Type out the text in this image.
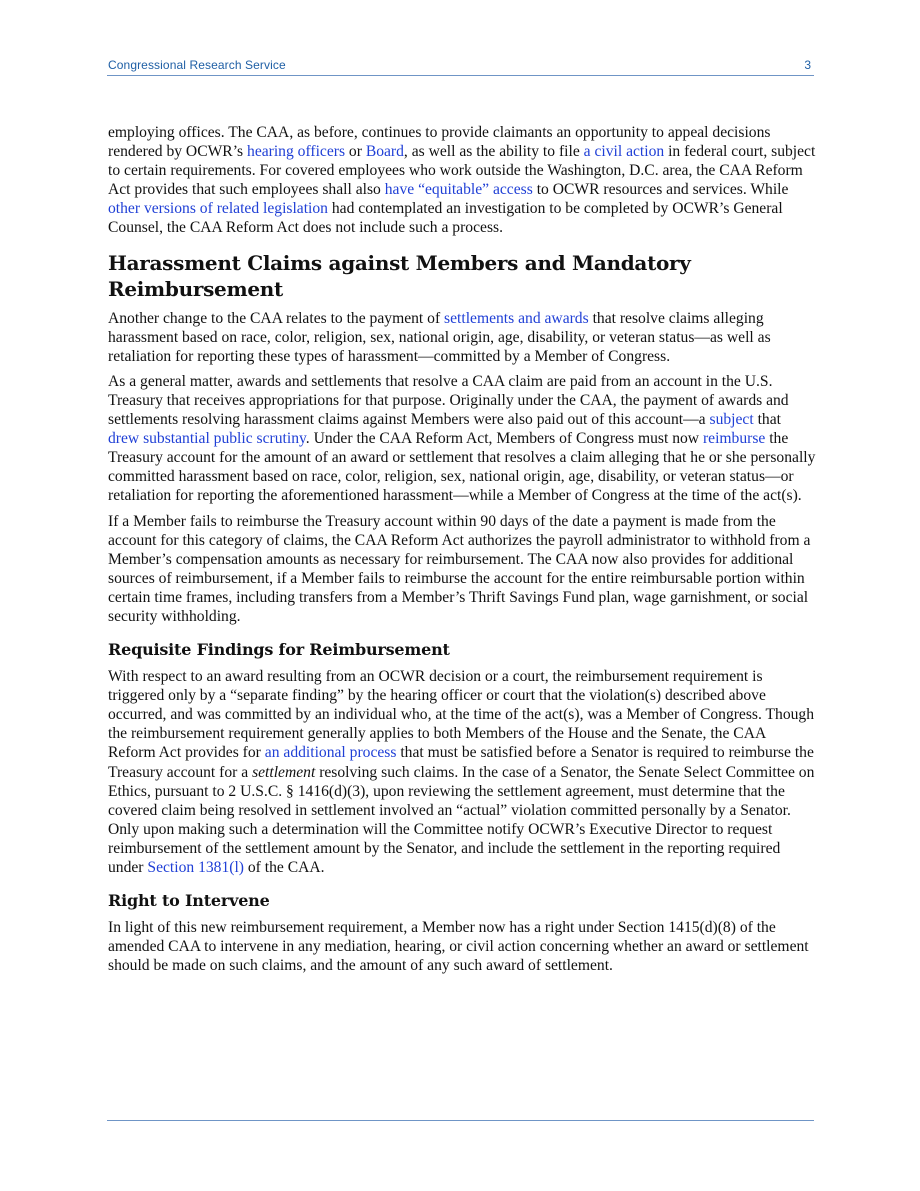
Congressional Research Service	3

employing offices. The CAA, as before, continues to provide claimants an opportunity to appeal decisions rendered by OCWR’s hearing officers or Board, as well as the ability to file a civil action in federal court, subject to certain requirements. For covered employees who work outside the Washington, D.C. area, the CAA Reform Act provides that such employees shall also have “equitable” access to OCWR resources and services. While other versions of related legislation had contemplated an investigation to be completed by OCWR’s General Counsel, the CAA Reform Act does not include such a process.

Harassment Claims against Members and Mandatory Reimbursement

Another change to the CAA relates to the payment of settlements and awards that resolve claims alleging harassment based on race, color, religion, sex, national origin, age, disability, or veteran status—as well as retaliation for reporting these types of harassment—committed by a Member of Congress.

As a general matter, awards and settlements that resolve a CAA claim are paid from an account in the U.S. Treasury that receives appropriations for that purpose. Originally under the CAA, the payment of awards and settlements resolving harassment claims against Members were also paid out of this account—a subject that drew substantial public scrutiny. Under the CAA Reform Act, Members of Congress must now reimburse the Treasury account for the amount of an award or settlement that resolves a claim alleging that he or she personally committed harassment based on race, color, religion, sex, national origin, age, disability, or veteran status—or retaliation for reporting the aforementioned harassment—while a Member of Congress at the time of the act(s).

If a Member fails to reimburse the Treasury account within 90 days of the date a payment is made from the account for this category of claims, the CAA Reform Act authorizes the payroll administrator to withhold from a Member’s compensation amounts as necessary for reimbursement. The CAA now also provides for additional sources of reimbursement, if a Member fails to reimburse the account for the entire reimbursable portion within certain time frames, including transfers from a Member’s Thrift Savings Fund plan, wage garnishment, or social security withholding.

Requisite Findings for Reimbursement

With respect to an award resulting from an OCWR decision or a court, the reimbursement requirement is triggered only by a “separate finding” by the hearing officer or court that the violation(s) described above occurred, and was committed by an individual who, at the time of the act(s), was a Member of Congress. Though the reimbursement requirement generally applies to both Members of the House and the Senate, the CAA Reform Act provides for an additional process that must be satisfied before a Senator is required to reimburse the Treasury account for a settlement resolving such claims. In the case of a Senator, the Senate Select Committee on Ethics, pursuant to 2 U.S.C. § 1416(d)(3), upon reviewing the settlement agreement, must determine that the covered claim being resolved in settlement involved an “actual” violation committed personally by a Senator. Only upon making such a determination will the Committee notify OCWR’s Executive Director to request reimbursement of the settlement amount by the Senator, and include the settlement in the reporting required under Section 1381(l) of the CAA.

Right to Intervene

In light of this new reimbursement requirement, a Member now has a right under Section 1415(d)(8) of the amended CAA to intervene in any mediation, hearing, or civil action concerning whether an award or settlement should be made on such claims, and the amount of any such award of settlement.
